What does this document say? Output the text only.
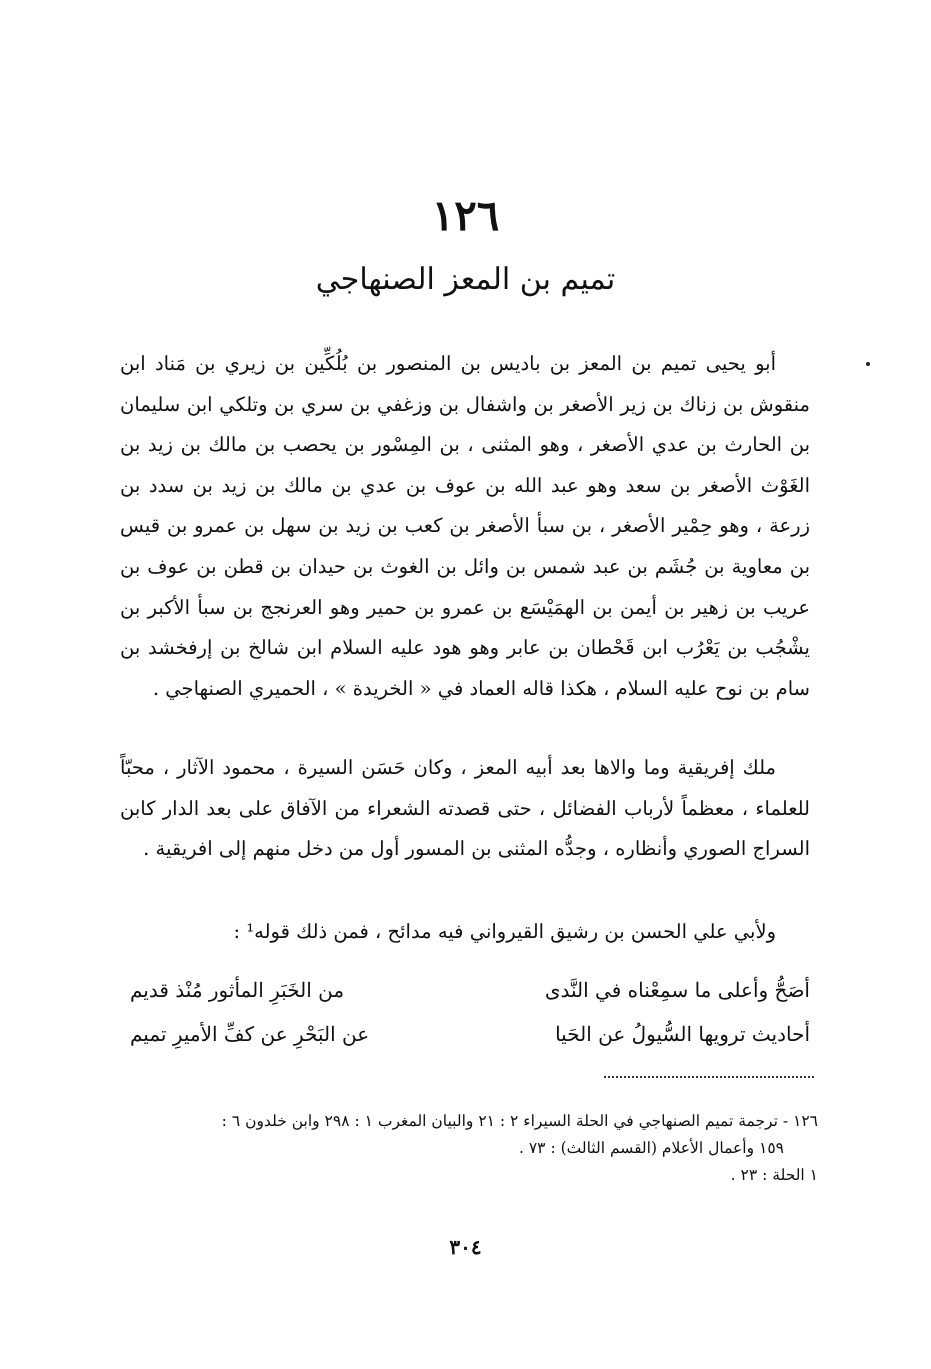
١٢٦
تميم بن المعز الصنهاجي

أبو يحيى تميم بن المعز بن باديس بن المنصور بن بُلُكِّين بن زيري بن مَناد ابن منقوش بن زناك بن زير الأصغر بن واشفال بن وزغفي بن سري بن وتلكي ابن سليمان بن الحارث بن عدي الأصغر ، وهو المثنى ، بن المِسْور بن يحصب بن مالك بن زيد بن الغَوْث الأصغر بن سعد وهو عبد الله بن عوف بن عدي بن مالك بن زيد بن سدد بن زرعة ، وهو حِمْير الأصغر ، بن سبأ الأصغر بن كعب بن زيد بن سهل بن عمرو بن قيس بن معاوية بن جُشَم بن عبد شمس بن وائل بن الغوث بن حيدان بن قطن بن عوف بن عريب بن زهير بن أيمن بن الهمَيْسَع بن عمرو بن حمير وهو العرنجج بن سبأ الأكبر بن يشْجُب بن يَعْرُب ابن قَحْطان بن عابر وهو هود عليه السلام ابن شالخ بن إرفخشد بن سام بن نوح عليه السلام ، هكذا قاله العماد في « الخريدة » ، الحميري الصنهاجي .

ملك إفريقية وما والاها بعد أبيه المعز ، وكان حَسَن السيرة ، محمود الآثار ، محبّاً للعلماء ، معظماً لأرباب الفضائل ، حتى قصدته الشعراء من الآفاق على بعد الدار كابن السراج الصوري وأنظاره ، وجدُّه المثنى بن المسور أول من دخل منهم إلى افريقية .

ولأبي علي الحسن بن رشيق القيرواني فيه مدائح ، فمن ذلك قوله¹ :

أصَحُّ وأعلى ما سمِعْناه في النَّدى
من الخَبَرِ المأثور مُنْذ قديم
أحاديث ترويها السُّيولُ عن الحَيا
عن البَحْرِ عن كفِّ الأميرِ تميم

١٢٦ - ترجمة تميم الصنهاجي في الحلة السيراء ٢ : ٢١ والبيان المغرب ١ : ٢٩٨ وابن خلدون ٦ :

١٥٩ وأعمال الأعلام (القسم الثالث) : ٧٣ .

١ الحلة : ٢٣ .

٣٠٤
